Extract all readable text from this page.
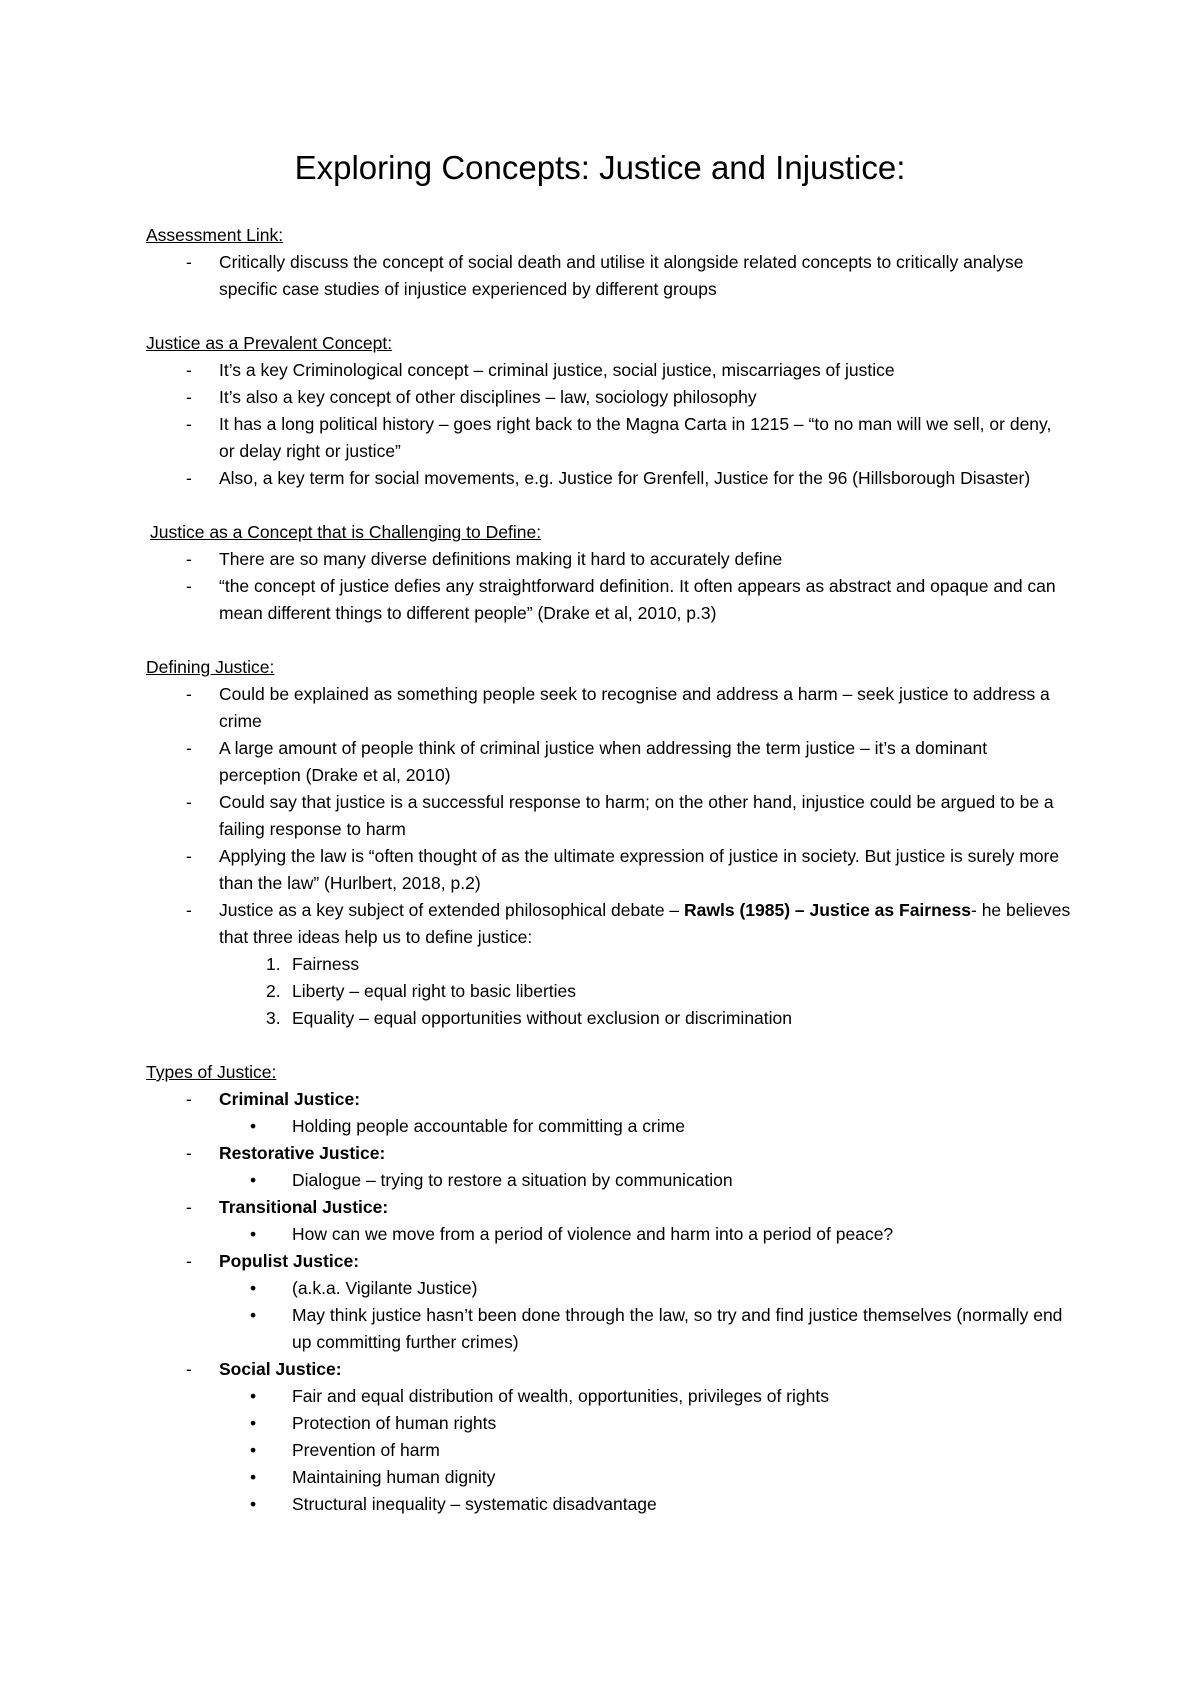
Exploring Concepts: Justice and Injustice:
Assessment Link:
- Critically discuss the concept of social death and utilise it alongside related concepts to critically analyse specific case studies of injustice experienced by different groups
Justice as a Prevalent Concept:
- It’s a key Criminological concept – criminal justice, social justice, miscarriages of justice
- It’s also a key concept of other disciplines – law, sociology philosophy
- It has a long political history – goes right back to the Magna Carta in 1215 – “to no man will we sell, or deny, or delay right or justice”
- Also, a key term for social movements, e.g. Justice for Grenfell, Justice for the 96 (Hillsborough Disaster)
Justice as a Concept that is Challenging to Define:
- There are so many diverse definitions making it hard to accurately define
- “the concept of justice defies any straightforward definition. It often appears as abstract and opaque and can mean different things to different people” (Drake et al, 2010, p.3)
Defining Justice:
- Could be explained as something people seek to recognise and address a harm – seek justice to address a crime
- A large amount of people think of criminal justice when addressing the term justice – it’s a dominant perception (Drake et al, 2010)
- Could say that justice is a successful response to harm; on the other hand, injustice could be argued to be a failing response to harm
- Applying the law is “often thought of as the ultimate expression of justice in society. But justice is surely more than the law” (Hurlbert, 2018, p.2)
- Justice as a key subject of extended philosophical debate – Rawls (1985) – Justice as Fairness- he believes that three ideas help us to define justice:
1. Fairness
2. Liberty – equal right to basic liberties
3. Equality – equal opportunities without exclusion or discrimination
Types of Justice:
- Criminal Justice:
• Holding people accountable for committing a crime
- Restorative Justice:
• Dialogue – trying to restore a situation by communication
- Transitional Justice:
• How can we move from a period of violence and harm into a period of peace?
- Populist Justice:
• (a.k.a. Vigilante Justice)
• May think justice hasn’t been done through the law, so try and find justice themselves (normally end up committing further crimes)
- Social Justice:
• Fair and equal distribution of wealth, opportunities, privileges of rights
• Protection of human rights
• Prevention of harm
• Maintaining human dignity
• Structural inequality – systematic disadvantage
